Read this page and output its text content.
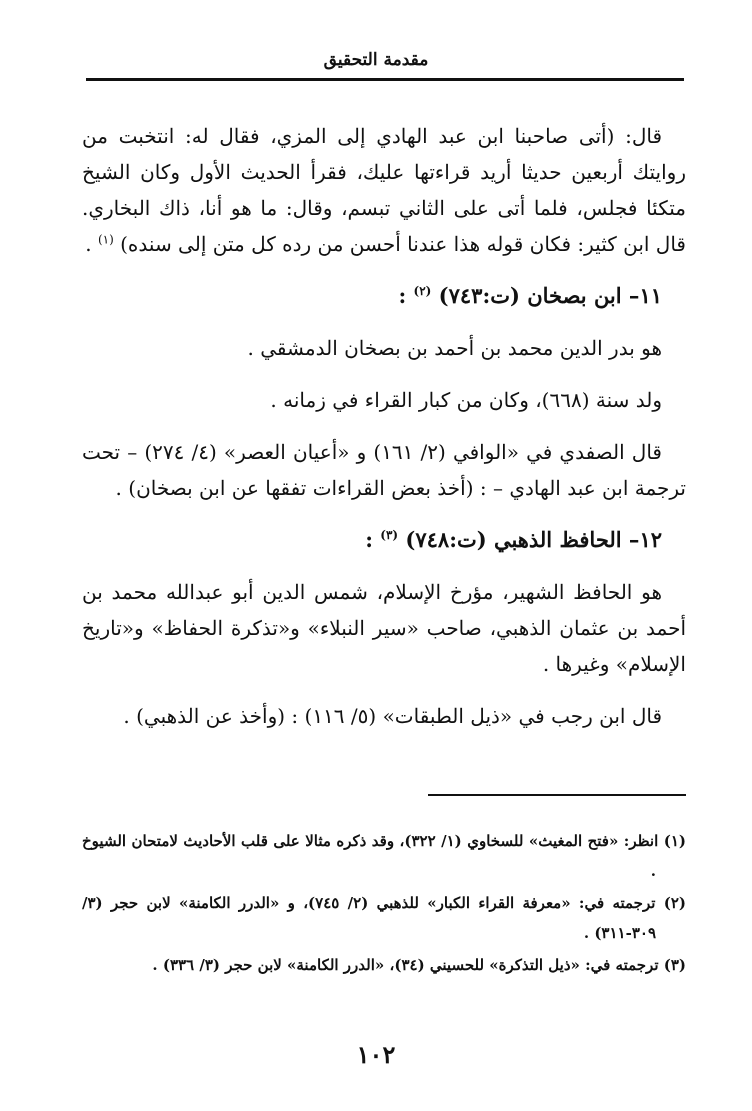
مقدمة التحقيق

قال: (أتى صاحبنا ابن عبد الهادي إلى المزي، فقال له: انتخبت من روايتك أربعين حديثا أريد قراءتها عليك، فقرأ الحديث الأول وكان الشيخ متكئا فجلس، فلما أتى على الثاني تبسم، وقال: ما هو أنا، ذاك البخاري. قال ابن كثير: فكان قوله هذا عندنا أحسن من رده كل متن إلى سنده) $^{(١)}$ .

١١– ابن بصخان (ت:٧٤٣) $^{(٢)}$ :

هو بدر الدين محمد بن أحمد بن بصخان الدمشقي .

ولد سنة (٦٦٨)، وكان من كبار القراء في زمانه .

قال الصفدي في «الوافي (٢/ ١٦١) و «أعيان العصر» (٤/ ٢٧٤) – تحت ترجمة ابن عبد الهادي – : (أخذ بعض القراءات تفقها عن ابن بصخان) .

١٢– الحافظ الذهبي (ت:٧٤٨) $^{(٣)}$ :

هو الحافظ الشهير، مؤرخ الإسلام، شمس الدين أبو عبدالله محمد بن أحمد بن عثمان الذهبي، صاحب «سير النبلاء» و«تذكرة الحفاظ» و«تاريخ الإسلام» وغيرها .

قال ابن رجب في «ذيل الطبقات» (٥/ ١١٦) : (وأخذ عن الذهبي) .

(١) انظر: «فتح المغيث» للسخاوي (١/ ٣٢٢)، وقد ذكره مثالا على قلب الأحاديث لامتحان الشيوخ .

(٢) ترجمته في: «معرفة القراء الكبار» للذهبي (٢/ ٧٤٥)، و «الدرر الكامنة» لابن حجر (٣/ ٣٠٩-٣١١) .

(٣) ترجمته في: «ذيل التذكرة» للحسيني (٣٤)، «الدرر الكامنة» لابن حجر (٣/ ٣٣٦) .

١٠٢
